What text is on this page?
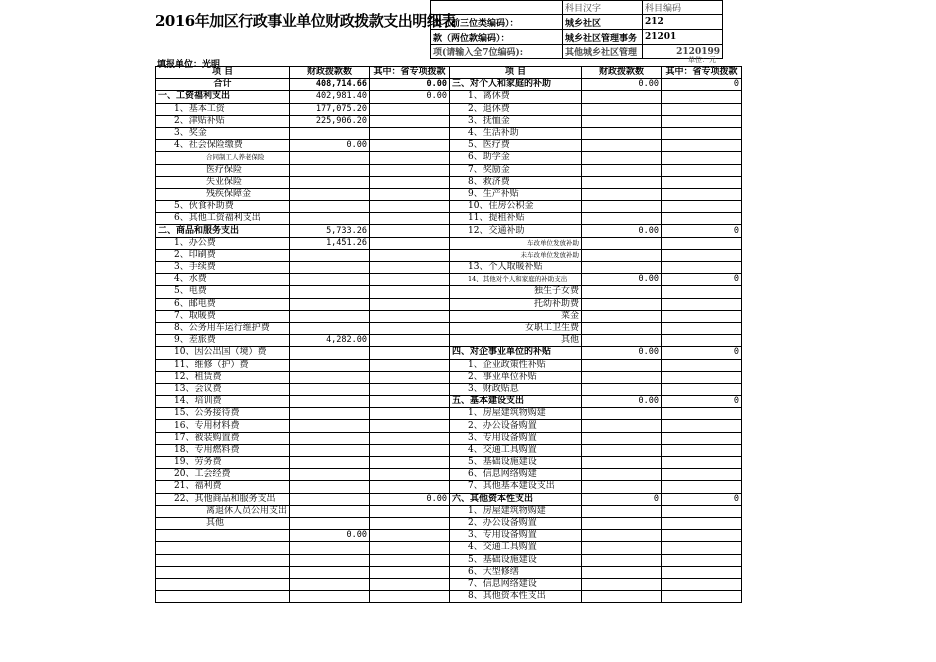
2016年加区行政事业单位财政拨款支出明细表
	科目汉字	科目编码
类（前三位类编码）：	城乡社区	212
款（两位款编码）：	城乡社区管理事务	21201
项(请输入全7位编码):	其他城乡社区管理	2120199
填报单位：光明	单位：元
项 目	财政拨款数	其中：省专项拨款	项 目	财政拨款数	其中：省专项拨款
合计	408,714.66	0.00	三、对个人和家庭的补助	0.00	0
一、工资福利支出	402,981.40	0.00	1、离休费		
1、基本工资	177,075.20		2、退休费		
2、津贴补贴	225,906.20		3、抚恤金		
3、奖金			4、生活补助		
4、社会保险缴费	0.00		5、医疗费		
合同制工人养老保险			6、助学金		
医疗保险			7、奖励金		
失业保险			8、救济费		
残疾保障金			9、生产补贴		
5、伙食补助费			10、住房公积金		
6、其他工资福利支出			11、提租补贴		
二、商品和服务支出	5,733.26		12、交通补助	0.00	0
1、办公费	1,451.26		车改单位发放补助		
2、印刷费			未车改单位发放补助		
3、手续费			13、个人取暖补贴		
4、水费			14、其他对个人和家庭的补助支出	0.00	0
5、电费			独生子女费		
6、邮电费			托幼补助费		
7、取暖费			菜金		
8、公务用车运行维护费			女职工卫生费		
9、差旅费	4,282.00		其他		
10、因公出国（境）费			四、对企事业单位的补贴	0.00	0
11、维修（护）费			1、企业政策性补贴		
12、租赁费			2、事业单位补贴		
13、会议费			3、财政贴息		
14、培训费			五、基本建设支出	0.00	0
15、公务接待费			1、房屋建筑物购建		
16、专用材料费			2、办公设备购置		
17、被装购置费			3、专用设备购置		
18、专用燃料费			4、交通工具购置		
19、劳务费			5、基础设施建设		
20、工会经费			6、信息网络购建		
21、福利费			7、其他基本建设支出		
22、其他商品和服务支出		0.00	六、其他资本性支出	0	0
离退休人员公用支出			1、房屋建筑物购建		
其他			2、办公设备购置		
	0.00		3、专用设备购置		
			4、交通工具购置		
			5、基础设施建设		
			6、大型修缮		
			7、信息网络建设		
			8、其他资本性支出		
